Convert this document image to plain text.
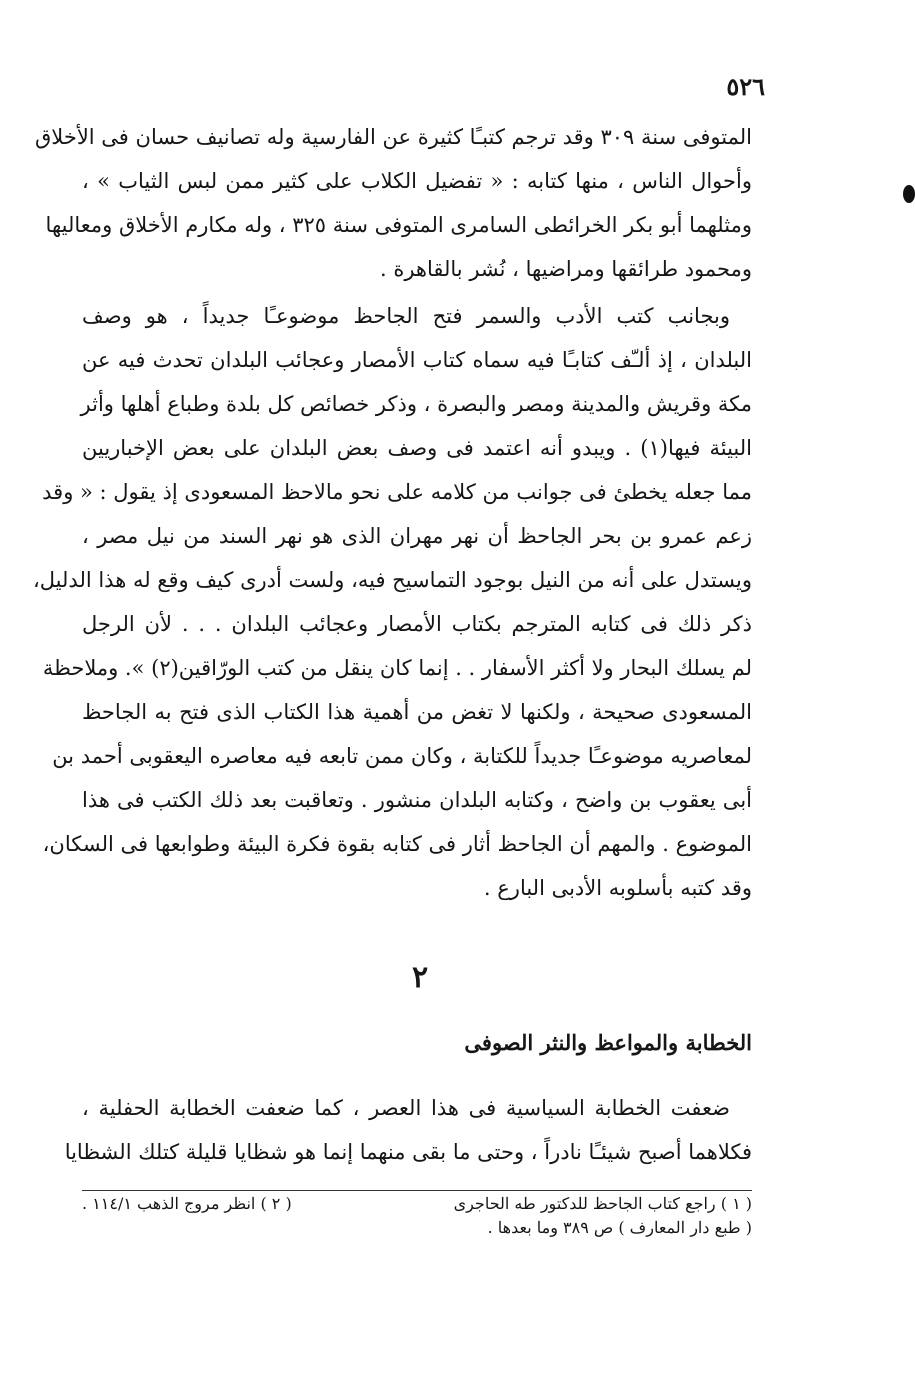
٥٢٦
المتوفى سنة ٣٠٩ وقد ترجم كتبـًا كثيرة عن الفارسية وله تصانيف حسان فى الأخلاق
وأحوال الناس ، منها كتابه : « تفضيل الكلاب على كثير ممن لبس الثياب » ،
ومثلهما أبو بكر الخرائطى السامرى المتوفى سنة ٣٢٥ ، وله مكارم الأخلاق ومعاليها
ومحمود طرائقها ومراضيها ، نُشر بالقاهرة .
وبجانب كتب الأدب والسمر فتح الجاحظ موضوعـًا جديداً ، هو وصف
البلدان ، إذ ألـّف كتابـًا فيه سماه كتاب الأمصار وعجائب البلدان تحدث فيه عن
مكة وقريش والمدينة ومصر والبصرة ، وذكر خصائص كل بلدة وطباع أهلها وأثر
البيئة فيها(١) . ويبدو أنه اعتمد فى وصف بعض البلدان على بعض الإخباريين
مما جعله يخطئ فى جوانب من كلامه على نحو مالاحظ المسعودى إذ يقول : « وقد
زعم عمرو بن بحر الجاحظ أن نهر مهران الذى هو نهر السند من نيل مصر ،
ويستدل على أنه من النيل بوجود التماسيح فيه، ولست أدرى كيف وقع له هذا الدليل،
ذكر ذلك فى كتابه المترجم بكتاب الأمصار وعجائب البلدان . . . لأن الرجل
لم يسلك البحار ولا أكثر الأسفار . . إنما كان ينقل من كتب الورّاقين(٢) ». وملاحظة
المسعودى صحيحة ، ولكنها لا تغض من أهمية هذا الكتاب الذى فتح به الجاحظ
لمعاصريه موضوعـًا جديداً للكتابة ، وكان ممن تابعه فيه معاصره اليعقوبى أحمد بن
أبى يعقوب بن واضح ، وكتابه البلدان منشور . وتعاقبت بعد ذلك الكتب فى هذا
الموضوع . والمهم أن الجاحظ أثار فى كتابه بقوة فكرة البيئة وطوابعها فى السكان،
وقد كتبه بأسلوبه الأدبى البارع .
٢
الخطابة والمواعظ والنثر الصوفى
ضعفت الخطابة السياسية فى هذا العصر ، كما ضعفت الخطابة الحفلية ،
فكلاهما أصبح شيئـًا نادراً ، وحتى ما بقى منهما إنما هو شظايا قليلة كتلك الشظايا
( ١ ) راجع كتاب الجاحظ للدكتور طه الحاجرى
( ٢ ) انظر مروج الذهب ١١٤/١ .
( طبع دار المعارف ) ص ٣٨٩ وما بعدها .
